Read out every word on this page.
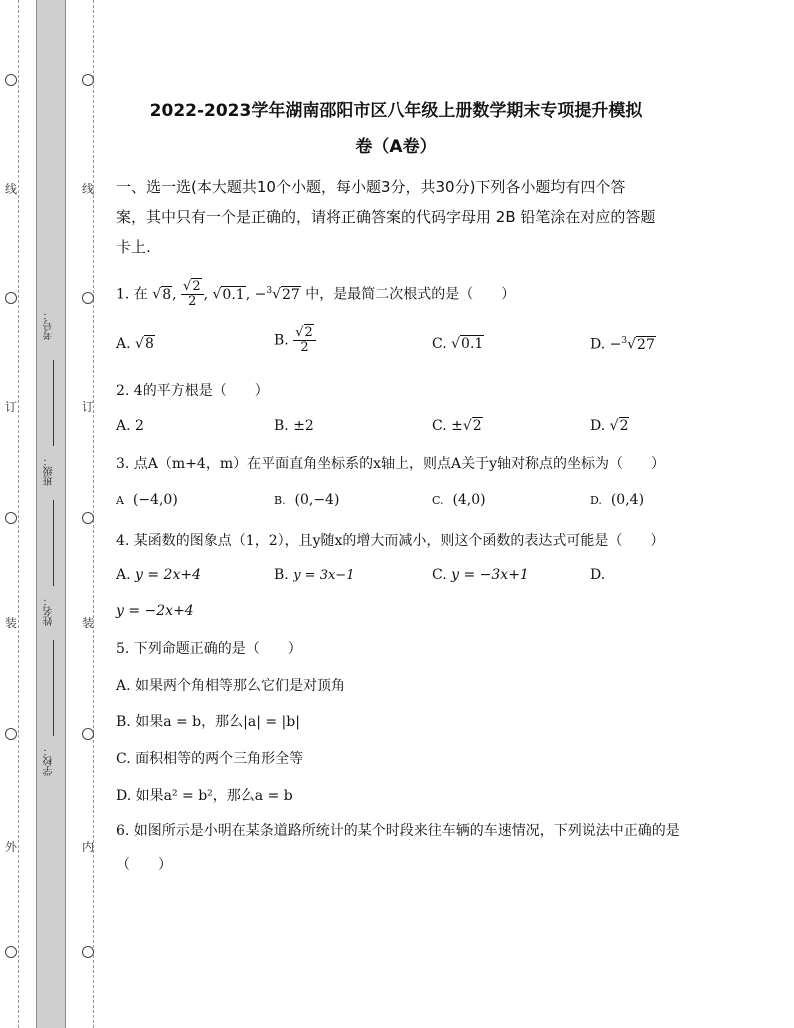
线
订
装
外
线
订
装
内
考号：
班级：
姓名：
学校：
2022-2023学年湖南邵阳市区八年级上册数学期末专项提升模拟
卷（A卷）
一、选一选(本大题共10个小题，每小题3分，共30分)下列各小题均有四个答
案，其中只有一个是正确的，请将正确答案的代码字母用 2B 铅笔涂在对应的答题
卡上.
1. 在 √8, $\frac{√2}{2}$ , √0.1, −$^3$√27 中，是最简二次根式的是（　　）
A. √8	B. $\frac{√2}{2}$	C. √0.1	D. −$^3$√27
2. 4的平方根是（　　）
A. 2	B. ±2	C. ±√2	D. √2
3. 点A（m+4，m）在平面直角坐标系的x轴上，则点A关于y轴对称点的坐标为（　　）
A (−4,0)	B. (0,−4)	C. (4,0)	D. (0,4)
4. 某函数的图象点（1，2），且y随x的增大而减小，则这个函数的表达式可能是（　　）
A. y = 2x+4	B. y = 3x−1	C. y = −3x+1	D.
y = −2x+4
5. 下列命题正确的是（　　）
A. 如果两个角相等那么它们是对顶角
B. 如果a = b，那么|a| = |b|
C. 面积相等的两个三角形全等
D. 如果a² = b²，那么a = b
6. 如图所示是小明在某条道路所统计的某个时段来往车辆的车速情况，下列说法中正确的是
（　　）
